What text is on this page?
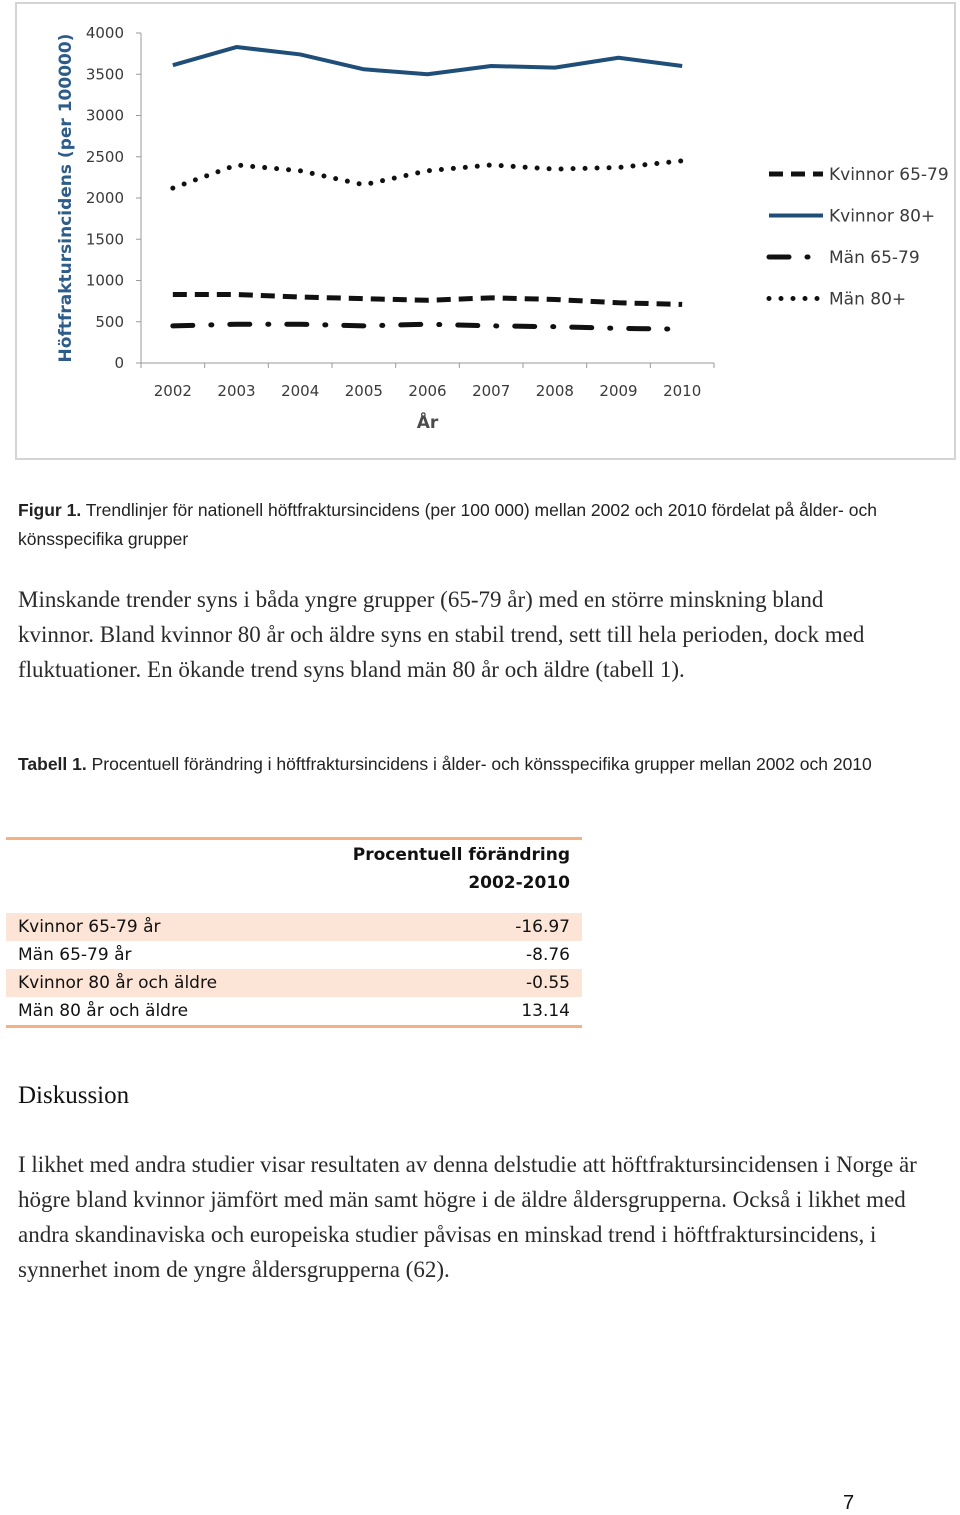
0
500
1000
1500
2000
2500
3000
3500
4000
2002 2003 2004 2005 2006 2007 2008 2009 2010
År
Höftfraktursincidens (per 100000)	Kvinnor 65-79
Kvinnor 80+
Män 65-79
Män 80+
Figur 1. Trendlinjer för nationell höftfraktursincidens (per 100 000) mellan 2002 och 2010 fördelat på ålder- och könsspecifika grupper
Minskande trender syns i båda yngre grupper (65-79 år) med en större minskning bland kvinnor. Bland kvinnor 80 år och äldre syns en stabil trend, sett till hela perioden, dock med fluktuationer. En ökande trend syns bland män 80 år och äldre (tabell 1).
Tabell 1. Procentuell förändring i höftfraktursincidens i ålder- och könsspecifika grupper mellan 2002 och 2010
Procentuell förändring
2002-2010
Kvinnor 65-79 år	-16.97
Män 65-79 år	-8.76
Kvinnor 80 år och äldre	-0.55
Män 80 år och äldre	13.14
Diskussion
I likhet med andra studier visar resultaten av denna delstudie att höftfraktursincidensen i Norge är högre bland kvinnor jämfört med män samt högre i de äldre åldersgrupperna. Också i likhet med andra skandinaviska och europeiska studier påvisas en minskad trend i höftfraktursincidens, i synnerhet inom de yngre åldersgrupperna (62).
7
